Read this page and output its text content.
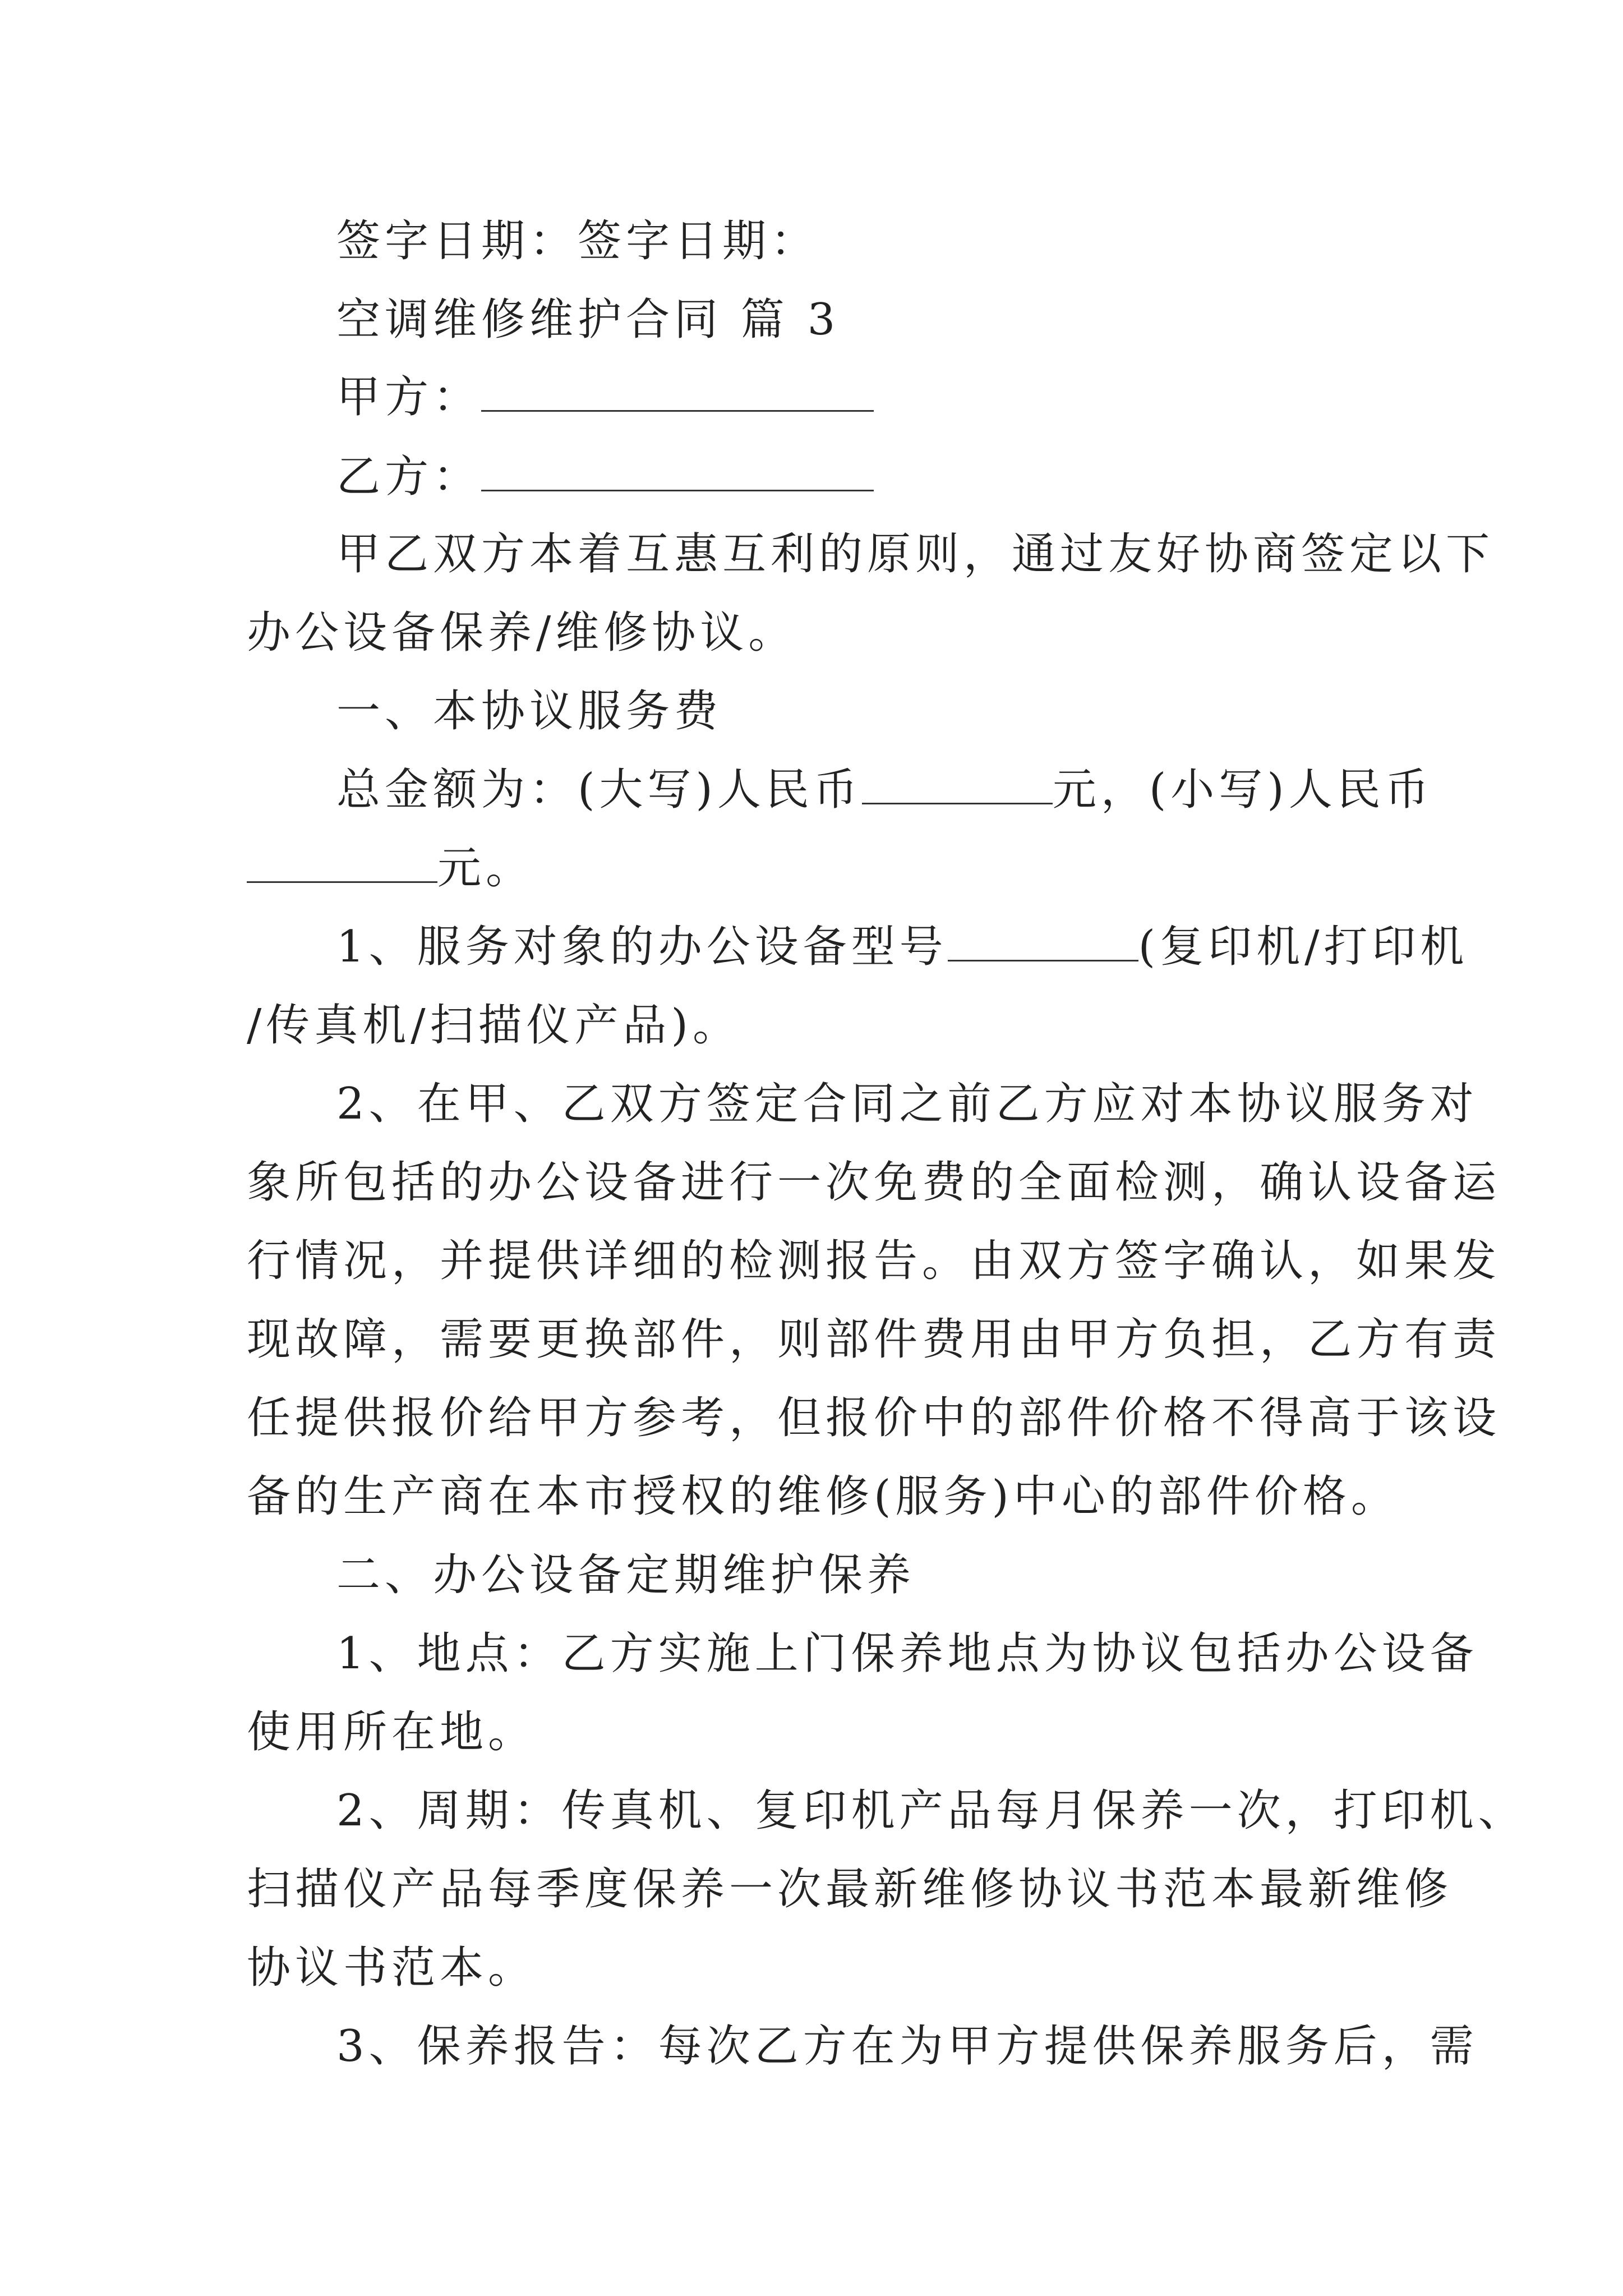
签字日期：签字日期：
空调维修维护合同 篇 3
甲方：
乙方：
甲乙双方本着互惠互利的原则，通过友好协商签定以下
办公设备保养/维修协议。
一、本协议服务费
总金额为：(大写)人民币	元，(小写)人民币
元。
1、服务对象的办公设备型号	(复印机/打印机
/传真机/扫描仪产品)。
2、在甲、乙双方签定合同之前乙方应对本协议服务对
象所包括的办公设备进行一次免费的全面检测，确认设备运
行情况，并提供详细的检测报告。由双方签字确认，如果发
现故障，需要更换部件，则部件费用由甲方负担，乙方有责
任提供报价给甲方参考，但报价中的部件价格不得高于该设
备的生产商在本市授权的维修(服务)中心的部件价格。
二、办公设备定期维护保养
1、地点：乙方实施上门保养地点为协议包括办公设备
使用所在地。
2、周期：传真机、复印机产品每月保养一次，打印机、
扫描仪产品每季度保养一次最新维修协议书范本最新维修
协议书范本。
3、保养报告：每次乙方在为甲方提供保养服务后，需
